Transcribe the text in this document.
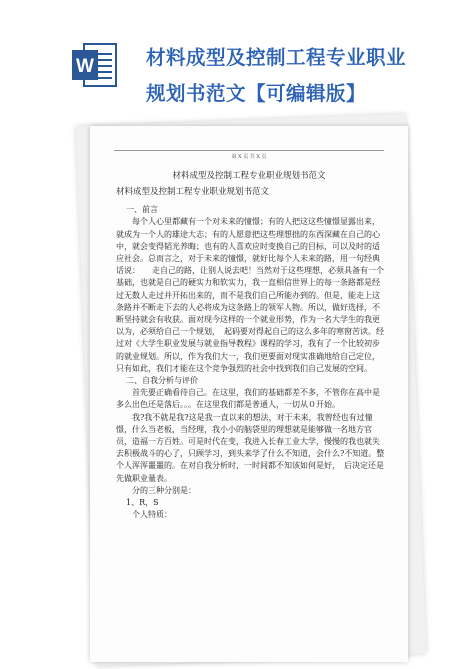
W	材料成型及控制工程专业职业
规划书范文【可编辑版】
第 X 页 共 X 页
材料成型及控制工程专业职业规划书范文

材料成型及控制工程专业职业规划书范文

一、前言

每个人心里都藏有一个对未来的憧憬；有的人把这这些憧憬显露出来，就成为一个人的雄途大志；有的人愿意把这些理想拙的东西深藏在自己的心中，就会变得韬光养晦；也有的人喜欢应时变换自己的目标，可以及时的适应社会。总而言之，对于未来的憧憬，就好比每个人未来的路，用一句经典话说：　　走自己的路，让别人说去吧！当然对于这些理想，必须具备有一个基础，也就是自己的硬实力和软实力，我一直相信世界上的每一条路都是经过无数人走过并开拓出来的，而不是我们自己所能办到的。但是，能走上这条路并不断走下去的人必将成为这条路上的领军人物。所以，做好选择，不断坚持就会有收获。面对现今这样的一个就业形势，作为一名大学生的我更以为，必须给自己一个规划，　起码要对得起自己的这么多年的寒窗苦读。经过对《大学生职业发展与就业指导教程》课程的学习，我有了一个比较初步的就业规划。所以，作为我们大一，我们更要面对现实准确地给自己定位，只有如此，我们才能在这个竞争强烈的社会中找到我们自己发展的空间。

二、自我分析与评价

首先要正确看待自己。在这里，我们的基础都差不多，不管你在高中是多么出色还是落后。。。在这里我们都是普通人，一切从０开始。

我?我不就是我?这是我一直以来的想法，对于未来，我曾经也有过憧憬，什么当老板，当经理，我小小的脑袋里的理想就是能够做一名地方官员，造福一方百姓。可是时代在变，我进入长春工业大学，慢慢的我也就失去积极战斗的心了，只顾学习，到头来学了什么不知道，会什么?不知道。整个人浑浑噩噩的。在对自我分析时，一时间都不知该如何是好，　后决定还是先做职业量表。

分的三种分别是：

1、R，S

个人特质：
